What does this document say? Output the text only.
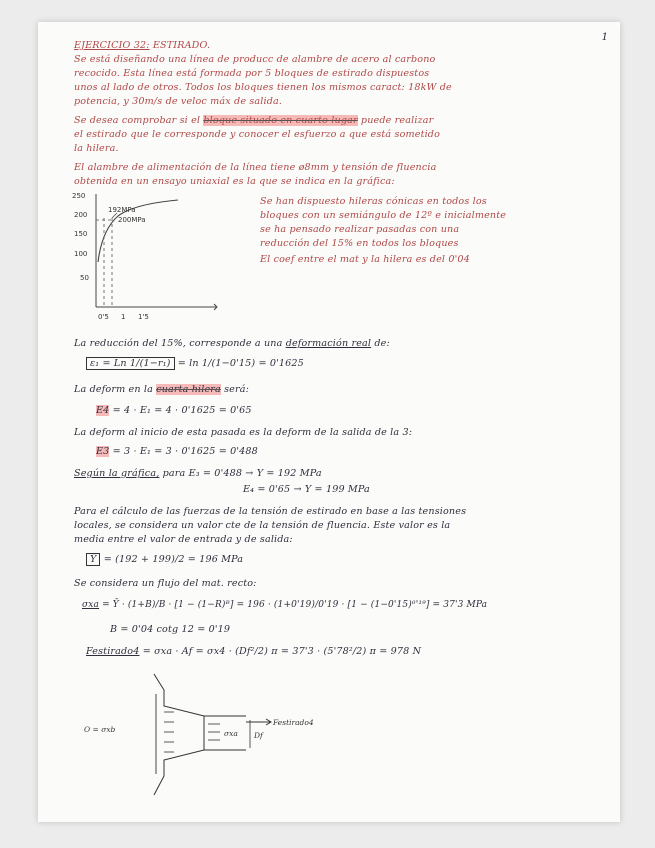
1
EJERCICIO 32: ESTIRADO.
Se está diseñando una línea de producc de alambre de acero al carbono
recocido. Esta línea está formada por 5 bloques de estirado dispuestos
unos al lado de otros. Todos los bloques tienen los mismos caract: 18kW de
potencia, y 30m/s de veloc máx de salida.
Se desea comprobar si el bloque situado en cuarto lugar puede realizar
el estirado que le corresponde y conocer el esfuerzo a que está sometido
la hilera.
El alambre de alimentación de la línea tiene ø8mm y tensión de fluencia
obtenida en un ensayo uniaxial es la que se indica en la gráfica:
250
200
150
100
50
0'5 1 1'5
192MPa
200MPa
Se han dispuesto hileras cónicas en todos los
bloques con un semiángulo de 12º e inicialmente
se ha pensado realizar pasadas con una
reducción del 15% en todos los bloques
El coef entre el mat y la hilera es del 0'04
La reducción del 15%, corresponde a una deformación real de:
ε₁ = Ln 1/(1−r₁) = ln 1/(1−0'15) = 0'1625
La deform en la cuarta hilera será:
E4 = 4 · E₁ = 4 · 0'1625 = 0'65
La deform al inicio de esta pasada es la deform de la salida de la 3:
E3 = 3 · E₁ = 3 · 0'1625 = 0'488
Según la gráfica, para E₃ = 0'488 → Y = 192 MPa
E₄ = 0'65 → Y = 199 MPa
Para el cálculo de las fuerzas de la tensión de estirado en base a las tensiones
locales, se considera un valor cte de la tensión de fluencia. Este valor es la
media entre el valor de entrada y de salida:
Ȳ = (192 + 199)/2 = 196 MPa
Se considera un flujo del mat. recto:
σxa = Ȳ · (1+B)/B · [1 − (1−R)ᴮ] = 196 · (1+0'19)/0'19 · [1 − (1−0'15)⁰'¹⁹] = 37'3 MPa
B = 0'04 cotg 12 = 0'19
Festirado4 = σxa · Af = σx4 · (Df²/2) π = 37'3 · (5'78²/2) π = 978 N
O = σxb	σxa Df
Festirado4
